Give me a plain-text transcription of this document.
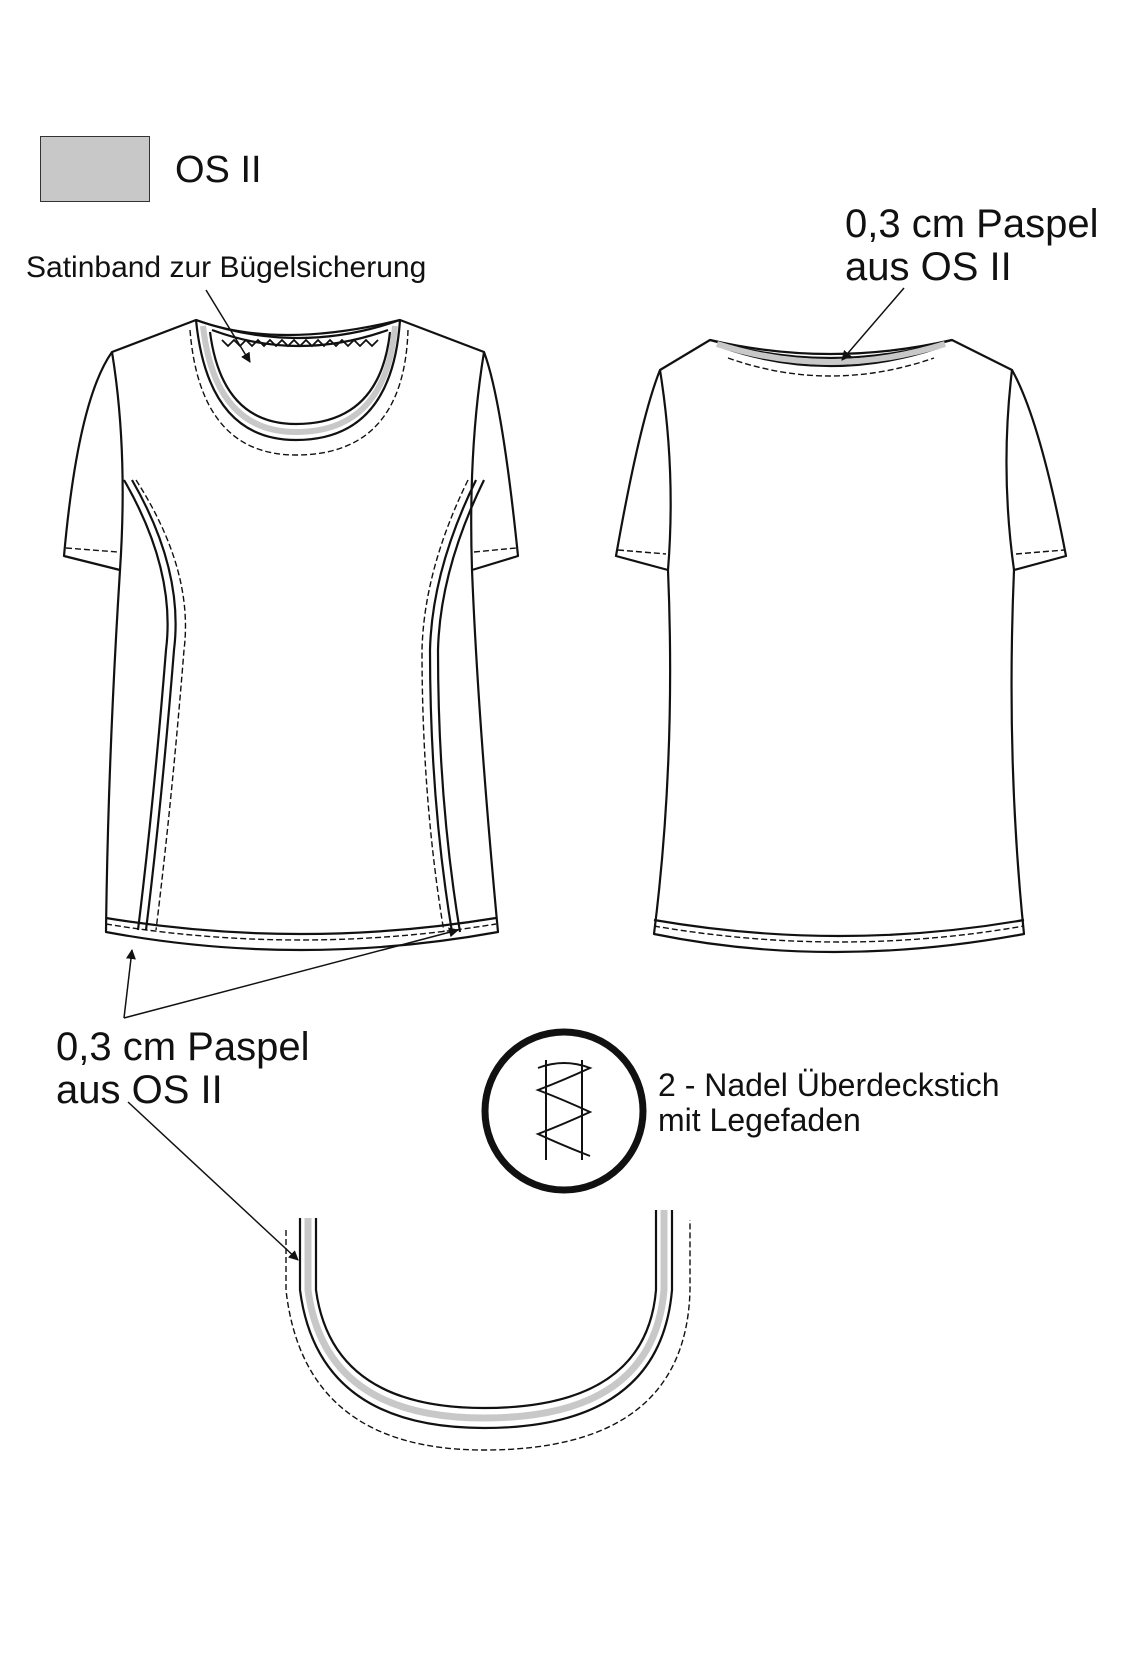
OS II
Satinband zur Bügelsicherung
0,3 cm Paspel
aus OS II
0,3 cm Paspel
aus OS II	2 - Nadel Überdeckstich
mit Legefaden
